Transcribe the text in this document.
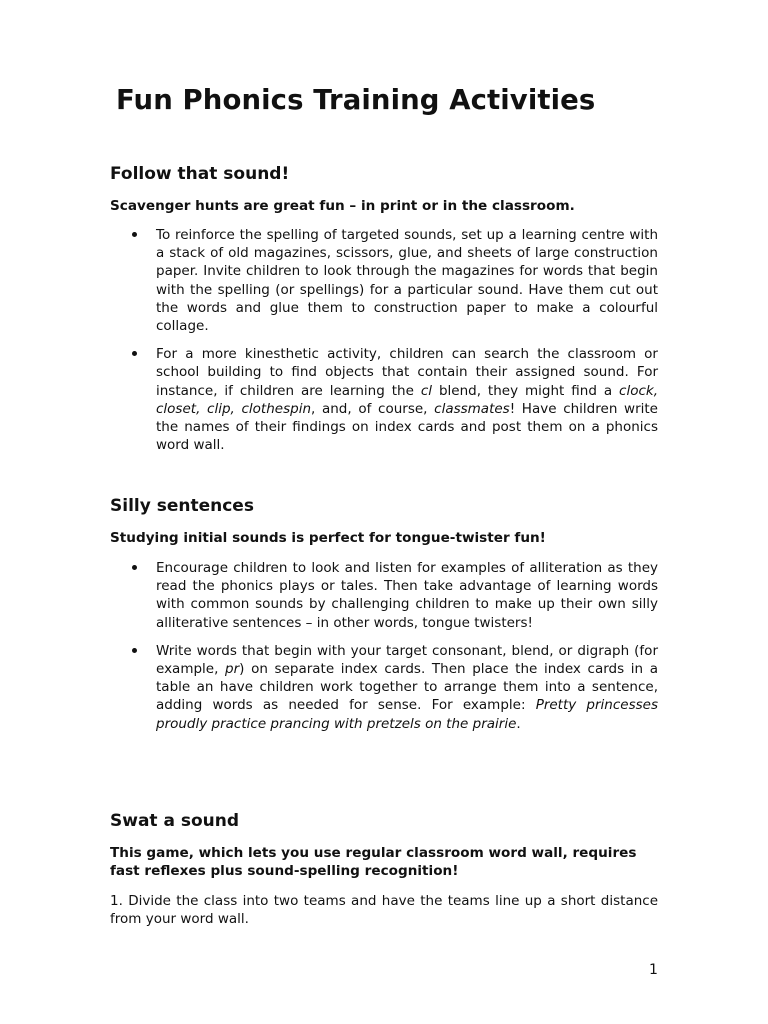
Fun Phonics Training Activities
Follow that sound!
Scavenger hunts are great fun – in print or in the classroom.
To reinforce the spelling of targeted sounds, set up a learning centre with a stack of old magazines, scissors, glue, and sheets of large construction paper. Invite children to look through the magazines for words that begin with the spelling (or spellings) for a particular sound. Have them cut out the words and glue them to construction paper to make a colourful collage.
For a more kinesthetic activity, children can search the classroom or school building to find objects that contain their assigned sound. For instance, if children are learning the cl blend, they might find a clock, closet, clip, clothespin, and, of course, classmates! Have children write the names of their findings on index cards and post them on a phonics word wall.
Silly sentences
Studying initial sounds is perfect for tongue-twister fun!
Encourage children to look and listen for examples of alliteration as they read the phonics plays or tales. Then take advantage of learning words with common sounds by challenging children to make up their own silly alliterative sentences – in other words, tongue twisters!
Write words that begin with your target consonant, blend, or digraph (for example, pr) on separate index cards. Then place the index cards in a table an have children work together to arrange them into a sentence, adding words as needed for sense. For example: Pretty princesses proudly practice prancing with pretzels on the prairie.
Swat a sound
This game, which lets you use regular classroom word wall, requires fast reflexes plus sound-spelling recognition!
1. Divide the class into two teams and have the teams line up a short distance from your word wall.
1
